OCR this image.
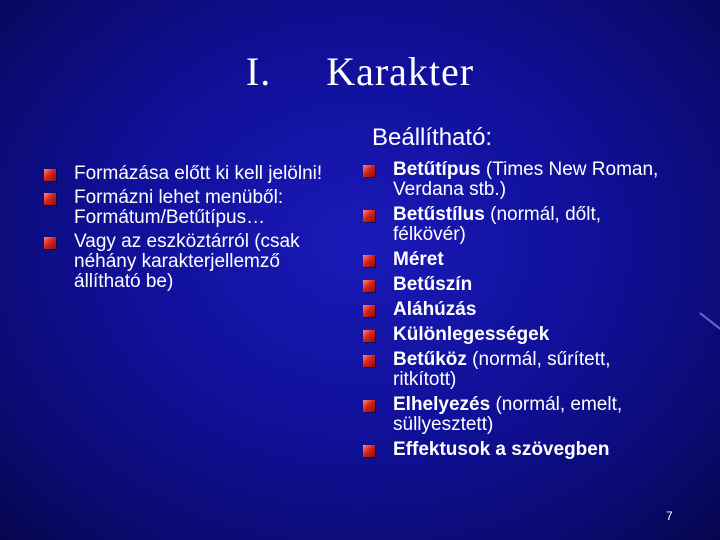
I. Karakter
Beállítható:
Formázása előtt ki kell jelölni!
Formázni lehet menüből: Formátum/Betűtípus…
Vagy az eszköztárról (csak néhány karakterjellemző állítható be)
Betűtípus (Times New Roman, Verdana stb.)
Betűstílus (normál, dőlt, félkövér)
Méret
Betűszín
Aláhúzás
Különlegességek
Betűköz (normál, sűrített, ritkított)
Elhelyezés (normál, emelt, süllyesztett)
Effektusok a szövegben
7
